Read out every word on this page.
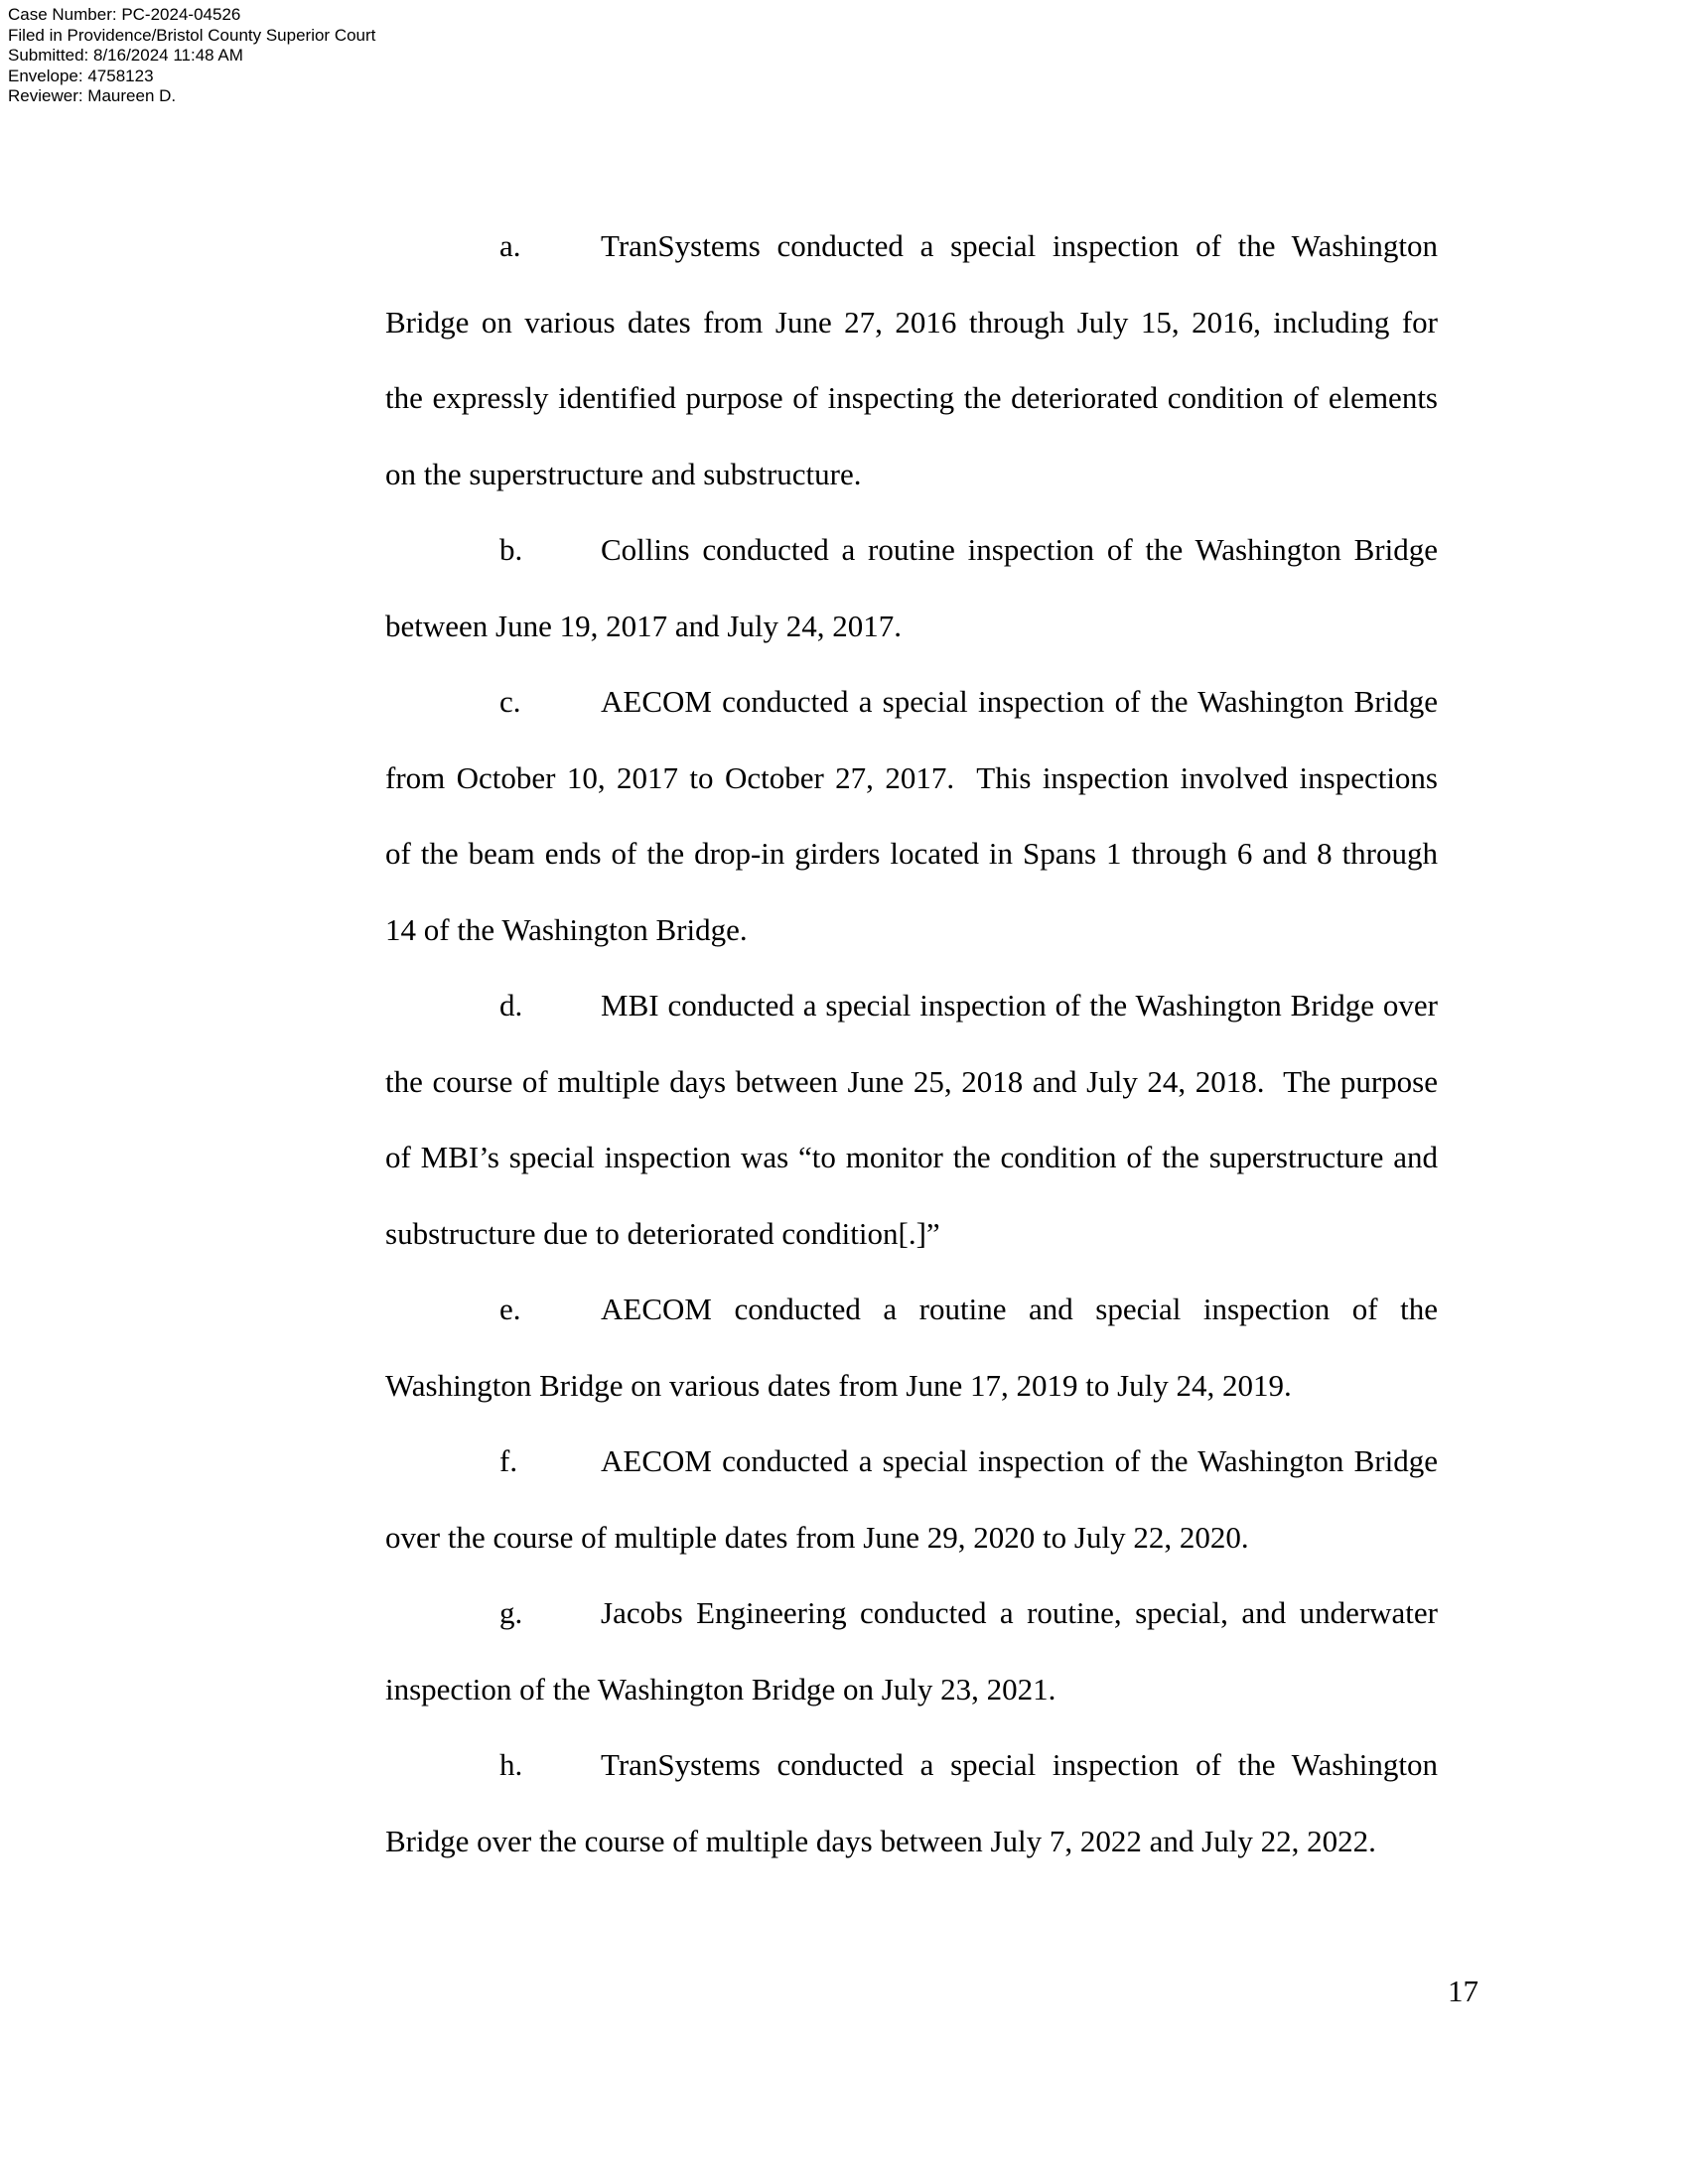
Case Number: PC-2024-04526
Filed in Providence/Bristol County Superior Court
Submitted: 8/16/2024 11:48 AM
Envelope: 4758123
Reviewer: Maureen D.
a.	TranSystems conducted a special inspection of the Washington
Bridge on various dates from June 27, 2016 through July 15, 2016, including for
the expressly identified purpose of inspecting the deteriorated condition of elements
on the superstructure and substructure.
b.	Collins conducted a routine inspection of the Washington Bridge
between June 19, 2017 and July 24, 2017.
c.	AECOM conducted a special inspection of the Washington Bridge
from October 10, 2017 to October 27, 2017.  This inspection involved inspections
of the beam ends of the drop-in girders located in Spans 1 through 6 and 8 through
14 of the Washington Bridge.
d.	MBI conducted a special inspection of the Washington Bridge over
the course of multiple days between June 25, 2018 and July 24, 2018.  The purpose
of MBI’s special inspection was “to monitor the condition of the superstructure and
substructure due to deteriorated condition[.]”
e.	AECOM conducted a routine and special inspection of the
Washington Bridge on various dates from June 17, 2019 to July 24, 2019.
f.	AECOM conducted a special inspection of the Washington Bridge
over the course of multiple dates from June 29, 2020 to July 22, 2020.
g.	Jacobs Engineering conducted a routine, special, and underwater
inspection of the Washington Bridge on July 23, 2021.
h.	TranSystems conducted a special inspection of the Washington
Bridge over the course of multiple days between July 7, 2022 and July 22, 2022.
17
